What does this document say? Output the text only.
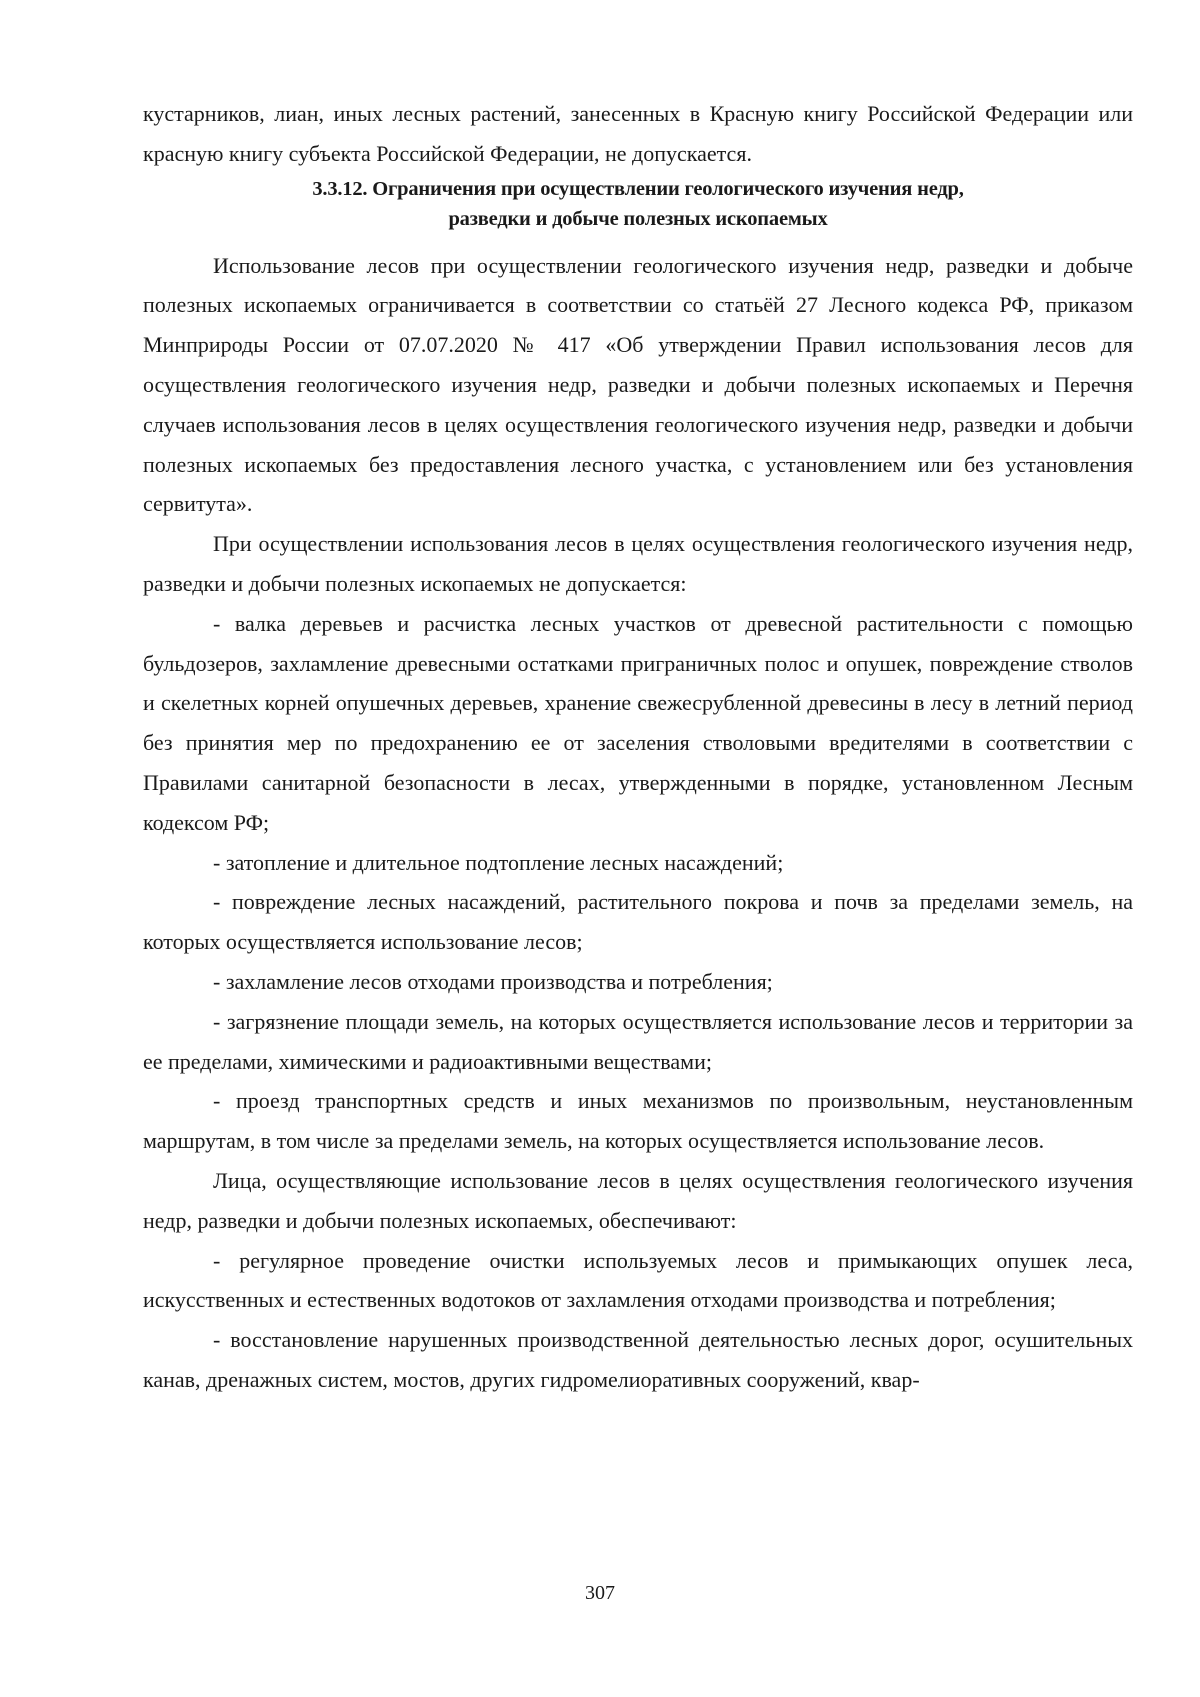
кустарников, лиан, иных лесных растений, занесенных в Красную книгу Российской Федерации или красную книгу субъекта Российской Федерации, не допускается.

3.3.12. Ограничения при осуществлении геологического изучения недр,
разведки и добыче полезных ископаемых

Использование лесов при осуществлении геологического изучения недр, разведки и добыче полезных ископаемых ограничивается в соответствии со статьёй 27 Лесного кодекса РФ, приказом Минприроды России от 07.07.2020 № 417 «Об утверждении Правил использования лесов для осуществления геологического изучения недр, разведки и добычи полезных ископаемых и Перечня случаев использования лесов в целях осуществления геологического изучения недр, разведки и добычи полезных ископаемых без предоставления лесного участка, с установлением или без установления сервитута».

При осуществлении использования лесов в целях осуществления геологического изучения недр, разведки и добычи полезных ископаемых не допускается:

- валка деревьев и расчистка лесных участков от древесной растительности с помощью бульдозеров, захламление древесными остатками приграничных полос и опушек, повреждение стволов и скелетных корней опушечных деревьев, хранение свежесрубленной древесины в лесу в летний период без принятия мер по предохранению ее от заселения стволовыми вредителями в соответствии с Правилами санитарной безопасности в лесах, утвержденными в порядке, установленном Лесным кодексом РФ;

- затопление и длительное подтопление лесных насаждений;

- повреждение лесных насаждений, растительного покрова и почв за пределами земель, на которых осуществляется использование лесов;

- захламление лесов отходами производства и потребления;

- загрязнение площади земель, на которых осуществляется использование лесов и территории за ее пределами, химическими и радиоактивными веществами;

- проезд транспортных средств и иных механизмов по произвольным, неустановленным маршрутам, в том числе за пределами земель, на которых осуществляется использование лесов.

Лица, осуществляющие использование лесов в целях осуществления геологического изучения недр, разведки и добычи полезных ископаемых, обеспечивают:

- регулярное проведение очистки используемых лесов и примыкающих опушек леса, искусственных и естественных водотоков от захламления отходами производства и потребления;

- восстановление нарушенных производственной деятельностью лесных дорог, осушительных канав, дренажных систем, мостов, других гидромелиоративных сооружений, квар-

307
